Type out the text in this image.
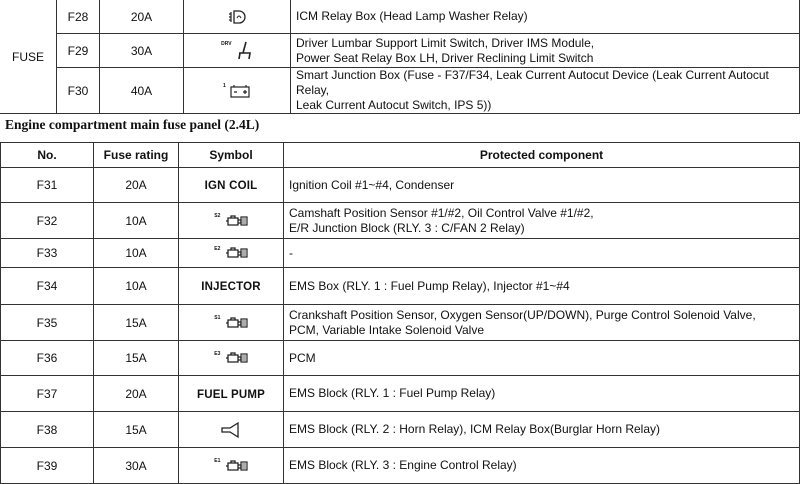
FUSE	F28	20A		ICM Relay Box (Head Lamp Washer Relay)
	F29	30A	$^{DRV}$	Driver Lumbar Support Limit Switch, Driver IMS Module,
Power Seat Relay Box LH, Driver Reclining Limit Switch

	F30	40A	$^1$	Smart Junction Box (Fuse - F37/F34, Leak Current Autocut Device (Leak Current Autocut Relay,
Leak Current Autocut Switch, IPS 5))
Engine compartment main fuse panel (2.4L)
No.	Fuse rating	Symbol	Protected component
F31	20A	IGN COIL	Ignition Coil #1~#4, Condenser

F32	10A	$^{S2}$	Camshaft Position Sensor #1/#2, Oil Control Valve #1/#2,
E/R Junction Block (RLY. 3 : C/FAN 2 Relay)

F33	10A	$^{E2}$	-

F34	10A	INJECTOR	EMS Box (RLY. 1 : Fuel Pump Relay), Injector #1~#4

F35	15A	$^{S1}$	Crankshaft Position Sensor, Oxygen Sensor(UP/DOWN), Purge Control Solenoid Valve,
PCM, Variable Intake Solenoid Valve

F36	15A	$^{E3}$	PCM

F37	20A	FUEL PUMP	EMS Block (RLY. 1 : Fuel Pump Relay)

F38	15A		EMS Block (RLY. 2 : Horn Relay), ICM Relay Box(Burglar Horn Relay)

F39	30A	$^{E1}$	EMS Block (RLY. 3 : Engine Control Relay)
